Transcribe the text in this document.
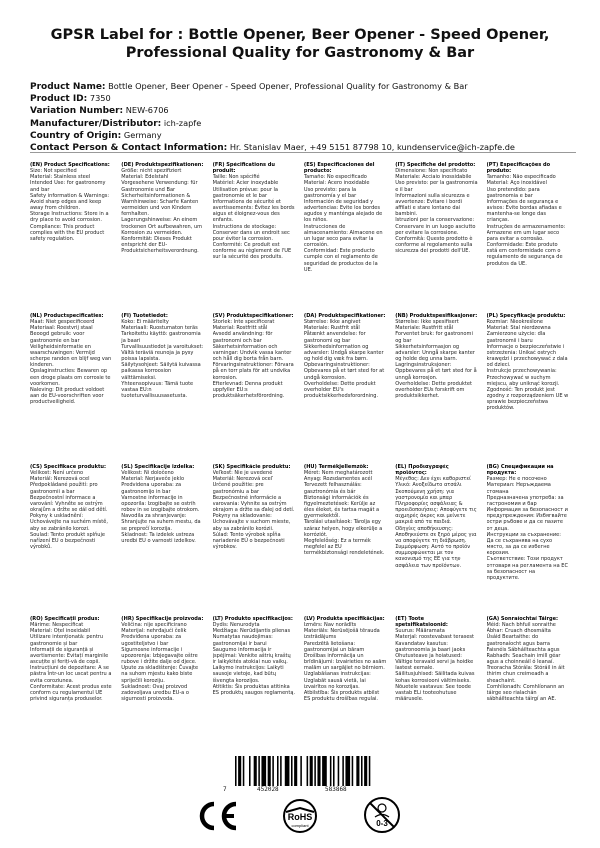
GPSR Label for : Bottle Opener, Beer Opener - Speed Opener, Professional Quality for Gastronomy & Bar
Product Name: Bottle Opener, Beer Opener - Speed Opener, Professional Quality for Gastronomy & Bar
Product ID: 7350
Variation Number: NEW-6706
Manufacturer/Distributor: ich-zapfe
Country of Origin: Germany
Contact Person & Contact Information: Hr. Stanislav Maer, +49 5151 87798 10, kundenservice@ich-zapfe.de

(EN) Product Specifications:

Size: Not specified

Material: Stainless steel

Intended Use: for gastronomy and bar

Safety information & Warnings: Avoid sharp edges and keep away from children.

Storage Instructions: Store in a dry place to avoid corrosion.

Compliance: This product complies with the EU product safety regulation.

(DE) Produktspezifikationen:

Größe: nicht spezifiziert

Material: Edelstahl

Vorgesehene Verwendung: für Gastronomie und Bar

Sicherheitsinformationen & Warnhinweise: Scharfe Kanten vermeiden und von Kindern fernhalten.

Lagerungshinweise: An einem trockenen Ort aufbewahren, um Korrosion zu vermeiden.

Konformität: Dieses Produkt entspricht der EU-Produktsicherheitsverordnung.

(FR) Spécifications du produit:

Taille: Non spécifié

Matériel: Acier inoxydable

Utilisation prévue: pour la gastronomie et le bar

Informations de sécurité et avertissements: Évitez les bords aigus et éloignez-vous des enfants.

Instructions de stockage: Conserver dans un endroit sec pour éviter la corrosion.

Conformité: Ce produit est conforme au règlement de l'UE sur la sécurité des produits.

(ES) Especificaciones del producto:

Tamaño: No especificado

Material: Acero inoxidable

Uso previsto: para la gastronomía y el bar

Información de seguridad y advertencias: Evite los bordes agudos y manténga alejado de los niños.

Instrucciones de almacenamiento: Almacene en un lugar seco para evitar la corrosión.

Conformidad: Este producto cumple con el reglamento de seguridad de productos de la UE.

(IT) Specifiche del prodotto:

Dimensione: Non specificato

Materiale: Acciaio inossidabile

Uso previsto: per la gastronomia e il bar

Informazioni sulla sicurezza e avvertenze: Evitare i bordi affilati e stare lontano dai bambini.

Istruzioni per la conservazione: Conservare in un luogo asciutto per evitare la corrosione.

Conformità: Questo prodotto è conforme al regolamento sulla sicurezza dei prodotti dell'UE.

(PT) Especificações do produto:

Tamanho: Não especificado

Material: Aço inoxidável

Uso pretendido: para gastronomia e bar

Informações de segurança e avisos: Evite bordas afiadas e mantenha-se longe das crianças.

Instruções de armazenamento: Armazene em um lugar seco para evitar a corrosão.

Conformidade: Este produto está em conformidade com o regulamento de segurança de produtos da UE.

(NL) Productspecificaties:

Maat: Niet gespecificeerd

Materiaal: Roestvrij staal

Beoogd gebruik: voor gastronomie en bar

Veiligheidsinformatie en waarschuwingen: Vermijd scherpe randen en blijf weg van kinderen.

Opslaginstructies: Bewaren op een droge plaats om corrosie te voorkomen.

Naleving: Dit product voldoet aan de EU-voorschriften voor productveiligheid.

(FI) Tuotetiedot:

Koko: Ei määritelty

Materiaali: Ruostumaton teräs

Tarkoitettu käyttö: gastronomia ja baari

Turvallisuustiedot ja varoitukset: Vältä teräviä reunoja ja pysy poissa lapsista.

Säilytysohjeet: Säilytä kuivassa paikassa korroosion välttämiseksi.

Yhteensopivuus: Tämä tuote vastaa EU:n tuoteturvallisuusasetusta.

(SV) Produktspecifikationer:

Storlek: Inte specificerat

Material: Rostfritt stål

Avsedd användning: för gastronomi och bar

Säkerhetsinformation och varningar: Undvik vassa kanter och håll dig borta från barn.

Förvaringsinstruktioner: Förvara på en torr plats för att undvika korrosion.

Efterlevnad: Denna produkt uppfyller EU:s produktsäkerhetsförordning.

(DA) Produktspecifikationer:

Størrelse: Ikke angivet

Materiale: Rustfrit stål

Påtænkt anvendelse: for gastronomi og bar

Sikkerhedsinformation og advarsler: Undgå skarpe kanter og hold dig væk fra børn.

Opbevaringsinstruktioner: Opbevares på et tørt sted for at undgå korrosion.

Overholdelse: Dette produkt overholder EU's produktsikkerhedsforordning.

(NB) Produktspesifikasjoner:

Størrelse: Ikke spesifisert

Materiale: Rustfritt stål

Forventet bruk: for gastronomi og bar

Sikkerhetsinformasjon og advarsler: Unngå skarpe kanter og holde deg unna barn.

Lagringsinstruksjoner: Oppbevares på et tørt sted for å unngå korrosjon.

Overholdelse: Dette produktet overholder EUs forskrift om produktsikkerhet.

(PL) Specyfikacje produktu:

Rozmiar: Nieokreślone

Materiał: Stal nierdzewna

Zamierzone użycie: dla gastronomii i baru

Informacje o bezpieczeństwie i ostrzeżenia: Unikać ostrych krawędzi i przechowywać z dala od dzieci.

Instrukcje przechowywania: Przechowywać w suchym miejscu, aby uniknąć korozji.

Zgodność: Ten produkt jest zgodny z rozporządzeniem UE w sprawie bezpieczeństwa produktów.

(CS) Specifikace produktu:

Velikost: Není určeno

Materiál: Nerezová ocel

Předpokládané použití: pro gastronomii a bar

Bezpečnostní informace a varování: Vyhněte se ostrým okrajům a držte se dál od dětí.

Pokyny k uskladnění: Uchovávejte na suchém místě, aby se zabránilo korozi.

Soulad: Tento produkt splňuje nařízení EU o bezpečnosti výrobků.

(SL) Specifikacije izdelka:

Velikost: Ni določeno

Material: Nerjaveče jeklo

Predvidena uporaba: za gastronomijo in bar

Varnostne informacije in opozorila: Izogibajte se ostrih robov in se izogibajte otrokom.

Navodila za shranjevanje: Shranjujte na suhem mestu, da se preprečí korozija.

Skladnost: Ta izdelek ustreza uredbi EU o varnosti izdelkov.

(SK) Špecifikácie produktu:

Veľkosť: Nie je uvedené

Materiál: Nerezová oceľ

Určené použitie: pre gastronómiu a bar

Bezpečnostné informácie a varovania: Vyhnite sa ostrým okrajom a držte sa ďalej od detí.

Pokyny na skladovanie: Uchovávajte v suchom mieste, aby sa zabránilo korózii.

Súlad: Tento výrobok spĺňa nariadenie EÚ o bezpečnosti výrobkov.

(HU) Termékjellemzők:

Méret: Nem meghatározott

Anyag: Rozsdamentes acél

Tervezett felhasználás: gasztronómia és bár

Biztonsági információk és figyelmeztetések: Kerülje az éles éleket, és tartsa magát a gyermekektől.

Tárolási utasítások: Tárolja egy száraz helyen, hogy elkerülje a korróziót.

Megfelelőség: Ez a termék megfelel az EU termékbiztonsági rendeletének.

(EL) Προδιαγραφές προϊόντος:

Μέγεθος: Δεν έχει καθοριστεί

Υλικό: Ανοξείδωτο ατσάλι

Σκοπούμενη χρήση: για γαστρονομία και μπαρ

Πληροφορίες ασφάλειας & προειδοποιήσεις: Αποφύγετε τις αιχμηρές άκρες και μείνετε μακριά από τα παιδιά.

Οδηγίες αποθήκευσης: Αποθηκεύστε σε ξηρό μέρος για να αποφύγετε τη διάβρωση.

Συμμόρφωση: Αυτό το προϊόν συμμορφώνεται με τον κανονισμό της ΕΕ για την ασφάλεια των προϊόντων.

(BG) Спецификации на продукта:

Размер: Не е посочено

Материал: Неръждаема стомана

Предназначена употреба: за гастрономия и бар

Информация за безопасност и предупреждения: Избягвайте остри ръбове и да се пазите от деца.

Инструкции за съхранение: Да се съхранява на сухо място, за да се избегне корозия.

Съответствие: Този продукт отговаря на регламента на ЕС за безопасност на продуктите.

(RO) Specificații produs:

Mărime: Nespecificat

Material: Oțel inoxidabil

Utilizare intenționată: pentru gastronomie și bar

Informații de siguranță și avertismente: Evitați marginile ascuțite și feriți-vă de copii.

Instrucțiuni de depozitare: A se păstra într-un loc uscat pentru a evita coroziunea.

Conformitate: Acest produs este conform cu regulamentul UE privind siguranța produselor.

(HR) Specifikacije proizvoda:

Veličina: nije specificirano

Materijal: nehrđajući čelik

Predviđena uporaba: za ugostiteljstvo i bar

Sigurnosne informacije i upozorenja: Izbjegavajte oštre rubove i držite dalje od djece.

Upute za skladištenje: Čuvajte na suhom mjestu kako biste spriječili koroziju.

Sukladnost: Ovaj proizvod zadovoljava uredbu EU-a o sigurnosti proizvoda.

(LT) Produkto specifikacijos:

Dydis: Nenurodyta

Medžiaga: Nerūdijantis plienas

Numatytas naudojimas: gastronomijai ir barui

Saugumo informacija ir įspėjimai: Venkite aštrių kraštų ir laikykitės atokiai nuo vaikų.

Laikymo instrukcijos: Laikyti sausoje vietoje, kad būtų išvengta korozijos.

Atitiktis: Šis produktas atitinka ES produktų saugos reglamentą.

(LV) Produkta specifikācijas:

Izmērs: Nav norādīts

Materiāls: Nerūsējošā tērauda izstrādājums

Paredzētā lietošana: gastronomijai un bāram

Drošības informācija un brīdinājumi: Izvairieties no asām malām un sargājiet no bērniem.

Uzglabāšanas instrukcijas: Uzglabāt sausā vietā, lai izvairītos no korozijas.

Atbilstība: Šis produkts atbilst ES produktu drošības regulai.

(ET) Toote spetsifikatsioonid:

Suurus: Määramata

Materjal: roostevabast terasest

Kavandatav kasutus: gastronoomia ja baari jaoks

Ohutusteave ja hoiatused: Vältige teravaid servi ja hoidke lastest eemale.

Säilitusjuhised: Säilitada kuivas kohas korrosiooni vältimiseks.

Nõuetele vastavus: See toode vastab ELi tooteohutuse määrusele.

(GA) Sonraíochtaí Táirge:

Méid: Nach bhfuil sonraithe

Ábhar: Cruach dhosmálta

Úsáid Beartaithe: do gastronaíocht agus barra

Faisnéis Sábháilteachta agus Rabhadh: Seachain imill géar agus a choinneáil ó leanaí.

Treoracha Stórála: Stóráil in áit thirim chun creimeadh a sheachaint.

Comhlíonadh: Comhlíonann an táirge seo rialachán sábháilteachta táirgí an AE.

7	452028	583868
CE
RoHS
compliant	0-3
